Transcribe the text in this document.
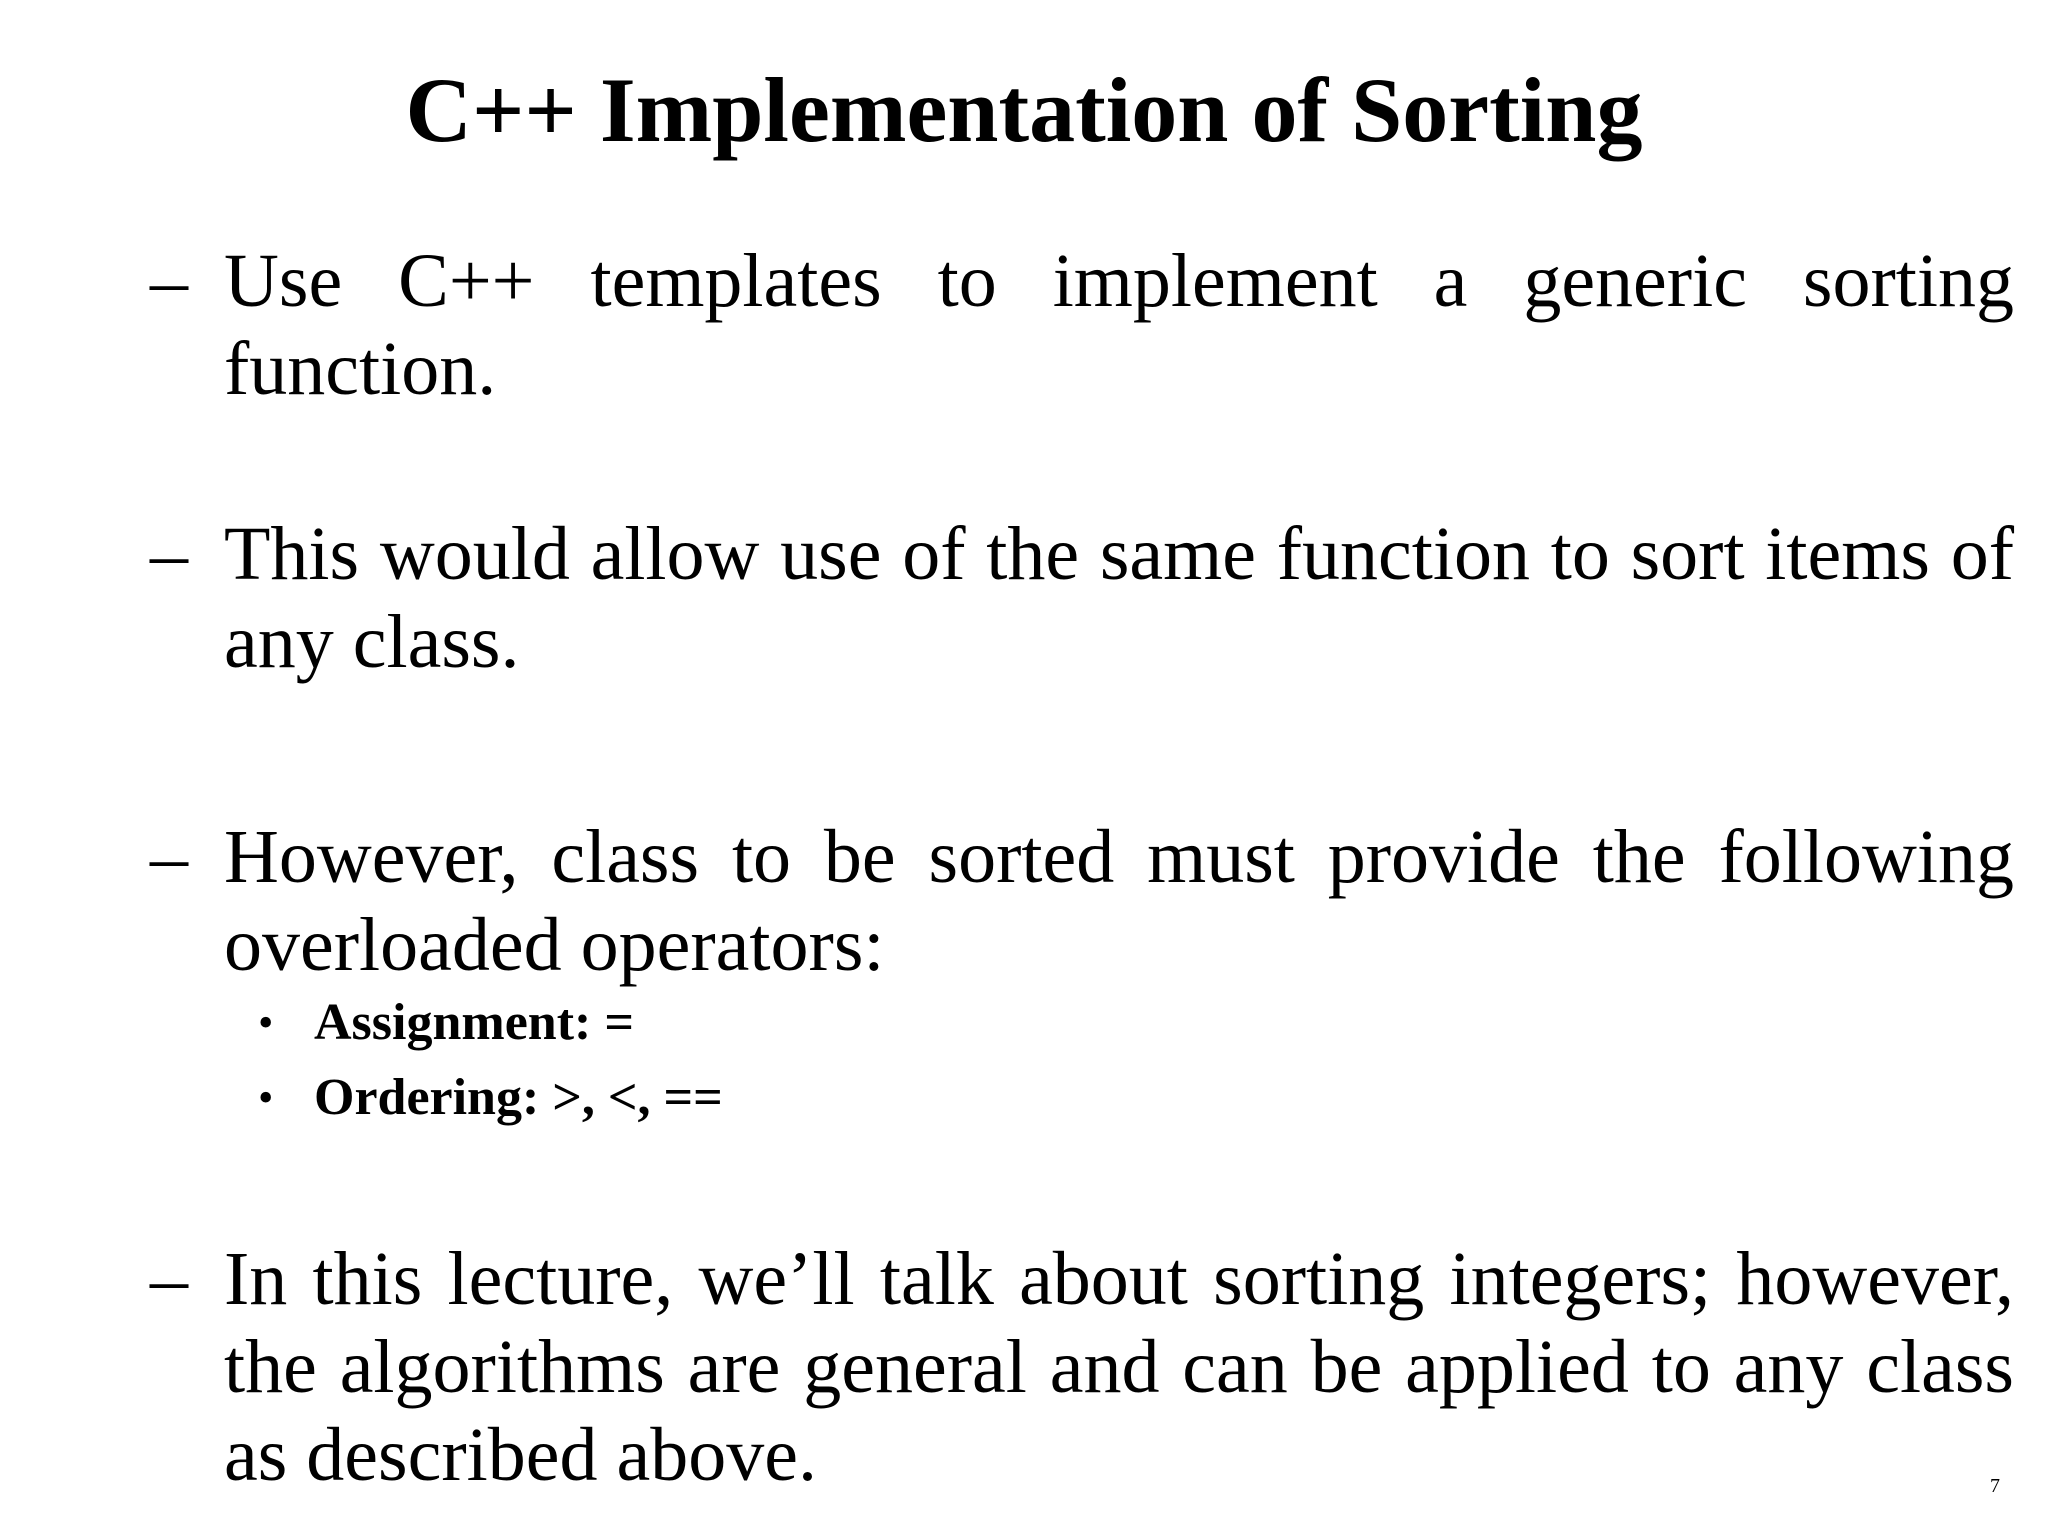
C++ Implementation of Sorting
– Use C++ templates to implement a generic sorting function.
– This would allow use of the same function to sort items of any class.
– However, class to be sorted must provide the following overloaded operators:
• Assignment: =
• Ordering: >, <, ==
– In this lecture, we’ll talk about sorting integers; however, the algorithms are general and can be applied to any class as described above.	7
